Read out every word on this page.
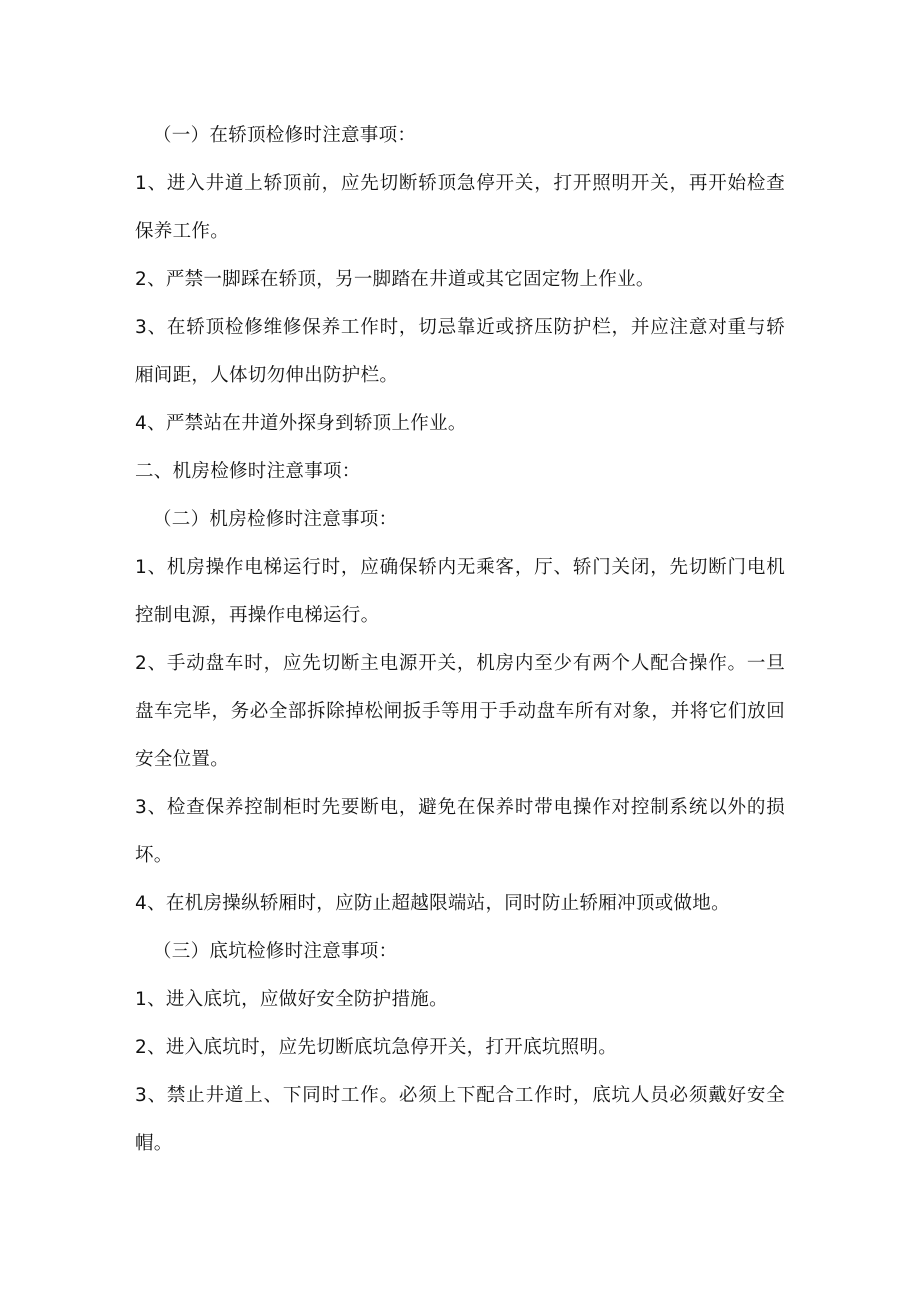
（一）在轿顶检修时注意事项：

1、进入井道上轿顶前，应先切断轿顶急停开关，打开照明开关，再开始检查保养工作。

2、严禁一脚踩在轿顶，另一脚踏在井道或其它固定物上作业。

3、在轿顶检修维修保养工作时，切忌靠近或挤压防护栏，并应注意对重与轿厢间距，人体切勿伸出防护栏。

4、严禁站在井道外探身到轿顶上作业。

二、机房检修时注意事项：

（二）机房检修时注意事项：

1、机房操作电梯运行时，应确保轿内无乘客，厅、轿门关闭，先切断门电机控制电源，再操作电梯运行。

2、手动盘车时，应先切断主电源开关，机房内至少有两个人配合操作。一旦盘车完毕，务必全部拆除掉松闸扳手等用于手动盘车所有对象，并将它们放回安全位置。

3、检查保养控制柜时先要断电，避免在保养时带电操作对控制系统以外的损坏。

4、在机房操纵轿厢时，应防止超越限端站，同时防止轿厢冲顶或做地。

（三）底坑检修时注意事项：

1、进入底坑，应做好安全防护措施。

2、进入底坑时，应先切断底坑急停开关，打开底坑照明。

3、禁止井道上、下同时工作。必须上下配合工作时，底坑人员必须戴好安全帽。
